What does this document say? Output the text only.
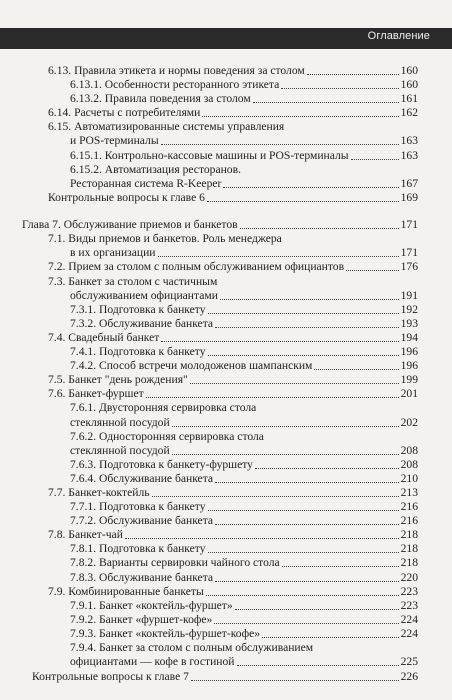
Оглавление
6.13. Правила этикета и нормы поведения за столом	160
6.13.1. Особенности ресторанного этикета	160
6.13.2. Правила поведения за столом	161
6.14. Расчеты с потребителями	162
6.15. Автоматизированные системы управления
и POS-терминалы	163
6.15.1. Контрольно-кассовые машины и POS-терминалы	163
6.15.2. Автоматизация ресторанов.
Ресторанная система R-Keeper	167
Контрольные вопросы к главе 6	169
Глава 7. Обслуживание приемов и банкетов	171
7.1. Виды приемов и банкетов. Роль менеджера
в их организации	171
7.2. Прием за столом с полным обслуживанием официантов	176
7.3. Банкет за столом с частичным
обслуживанием официантами	191
7.3.1. Подготовка к банкету	192
7.3.2. Обслуживание банкета	193
7.4. Свадебный банкет	194
7.4.1. Подготовка к банкету	196
7.4.2. Способ встречи молодоженов шампанским	196
7.5. Банкет "день рождения"	199
7.6. Банкет-фуршет	201
7.6.1. Двусторонняя сервировка стола
стеклянной посудой	202
7.6.2. Односторонняя сервировка стола
стеклянной посудой	208
7.6.3. Подготовка к банкету-фуршету	208
7.6.4. Обслуживание банкета	210
7.7. Банкет-коктейль	213
7.7.1. Подготовка к банкету	216
7.7.2. Обслуживание банкета	216
7.8. Банкет-чай	218
7.8.1. Подготовка к банкету	218
7.8.2. Варианты сервировки чайного стола	218
7.8.3. Обслуживание банкета	220
7.9. Комбинированные банкеты	223
7.9.1. Банкет «коктейль-фуршет»	223
7.9.2. Банкет «фуршет-кофе»	224
7.9.3. Банкет «коктейль-фуршет-кофе»	224
7.9.4. Банкет за столом с полным обслуживанием
официантами — кофе в гостиной	225
Контрольные вопросы к главе 7	226
